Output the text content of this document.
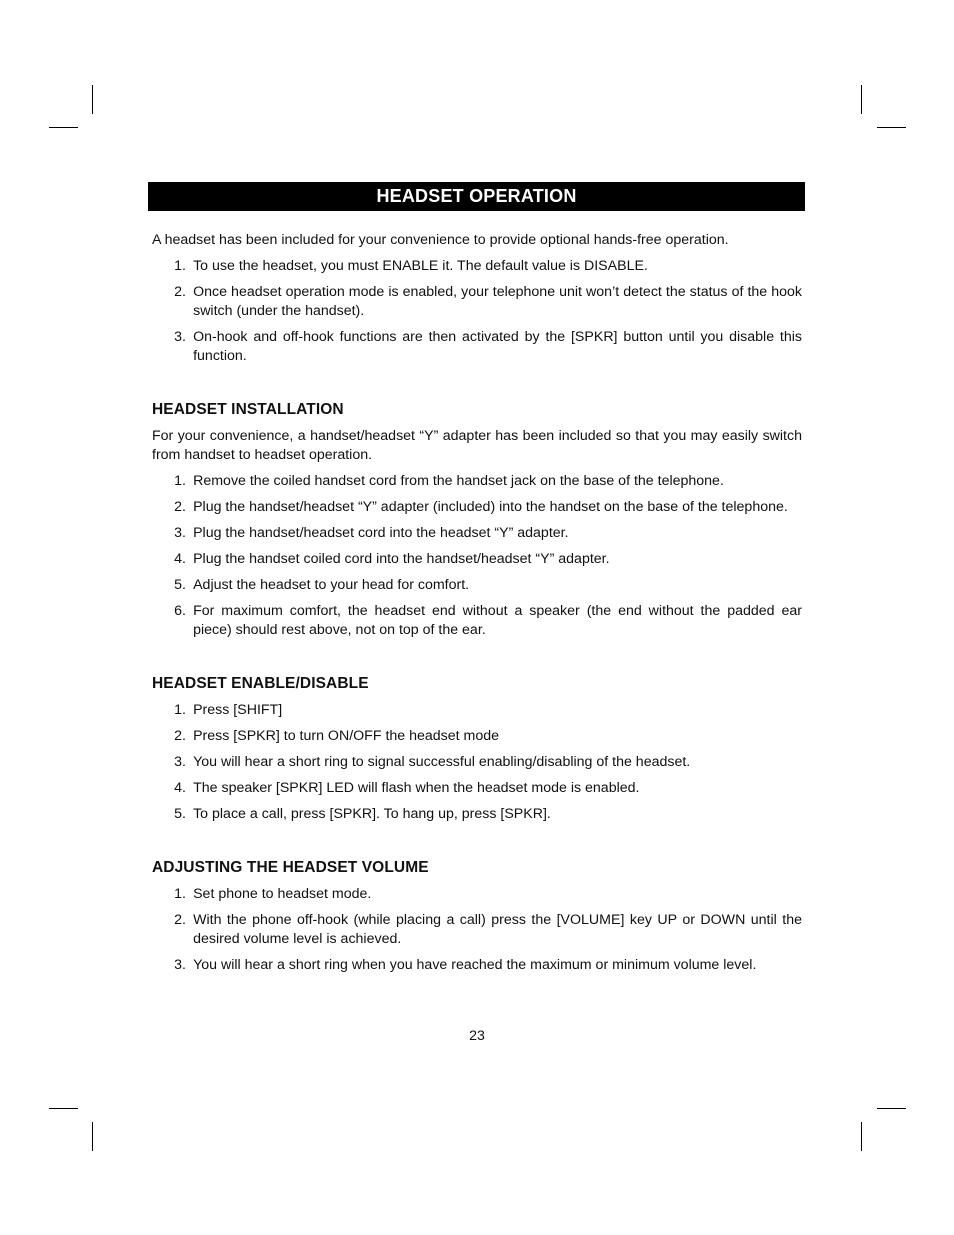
HEADSET OPERATION

A headset has been included for your convenience to provide optional hands-free operation.

1. To use the headset, you must ENABLE it. The default value is DISABLE.
2. Once headset operation mode is enabled, your telephone unit won’t detect the status of the hook switch (under the handset).
3. On-hook and off-hook functions are then activated by the [SPKR] button until you disable this function.
HEADSET INSTALLATION

For your convenience, a handset/headset “Y” adapter has been included so that you may easily switch from handset to headset operation.

1. Remove the coiled handset cord from the handset jack on the base of the telephone.
2. Plug the handset/headset “Y” adapter (included) into the handset on the base of the telephone.
3. Plug the handset/headset cord into the headset “Y” adapter.
4. Plug the handset coiled cord into the handset/headset “Y” adapter.
5. Adjust the headset to your head for comfort.
6. For maximum comfort, the headset end without a speaker (the end without the padded ear piece) should rest above, not on top of the ear.
HEADSET ENABLE/DISABLE
1. Press [SHIFT]
2. Press [SPKR] to turn ON/OFF the headset mode
3. You will hear a short ring to signal successful enabling/disabling of the headset.
4. The speaker [SPKR] LED will flash when the headset mode is enabled.
5. To place a call, press [SPKR]. To hang up, press [SPKR].
ADJUSTING THE HEADSET VOLUME
1. Set phone to headset mode.
2. With the phone off-hook (while placing a call) press the [VOLUME] key UP or DOWN until the desired volume level is achieved.
3. You will hear a short ring when you have reached the maximum or minimum volume level.
23
